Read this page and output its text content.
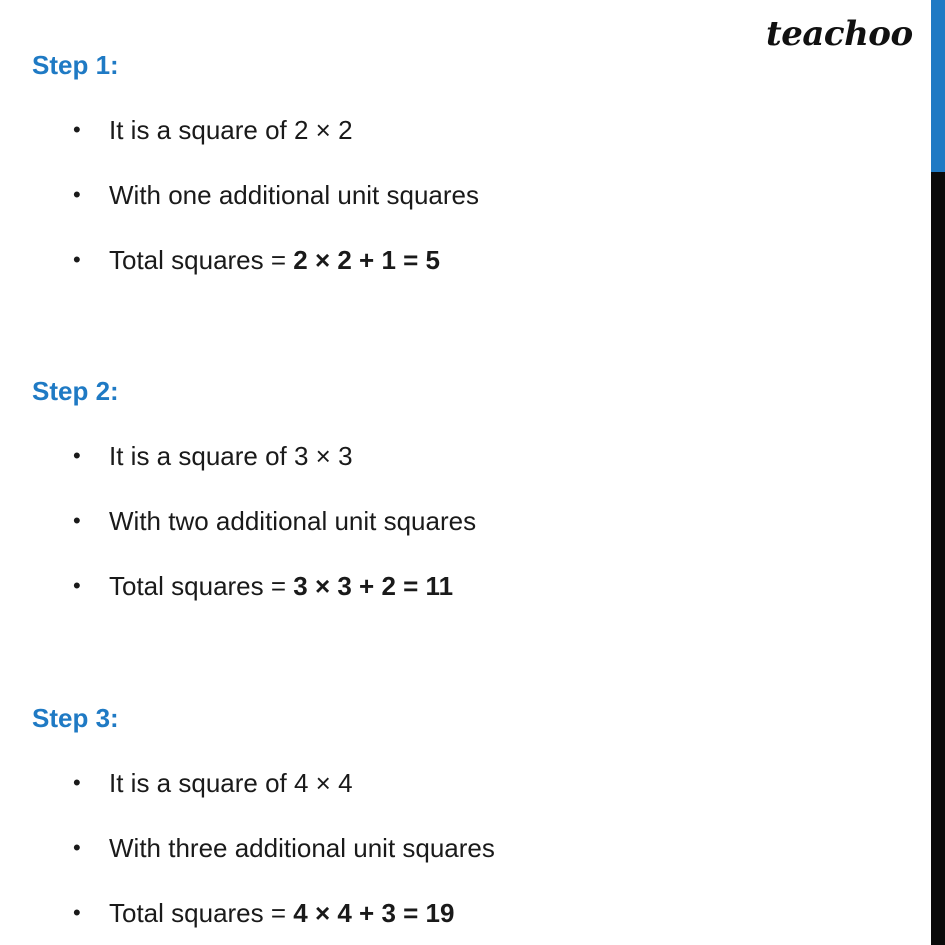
teachoo
Step 1:
• It is a square of 2 × 2
• With one additional unit squares
• Total squares = 2 × 2 + 1 = 5
Step 2:
• It is a square of 3 × 3
• With two additional unit squares
• Total squares = 3 × 3 + 2 = 11
Step 3:
• It is a square of 4 × 4
• With three additional unit squares
• Total squares = 4 × 4 + 3 = 19
